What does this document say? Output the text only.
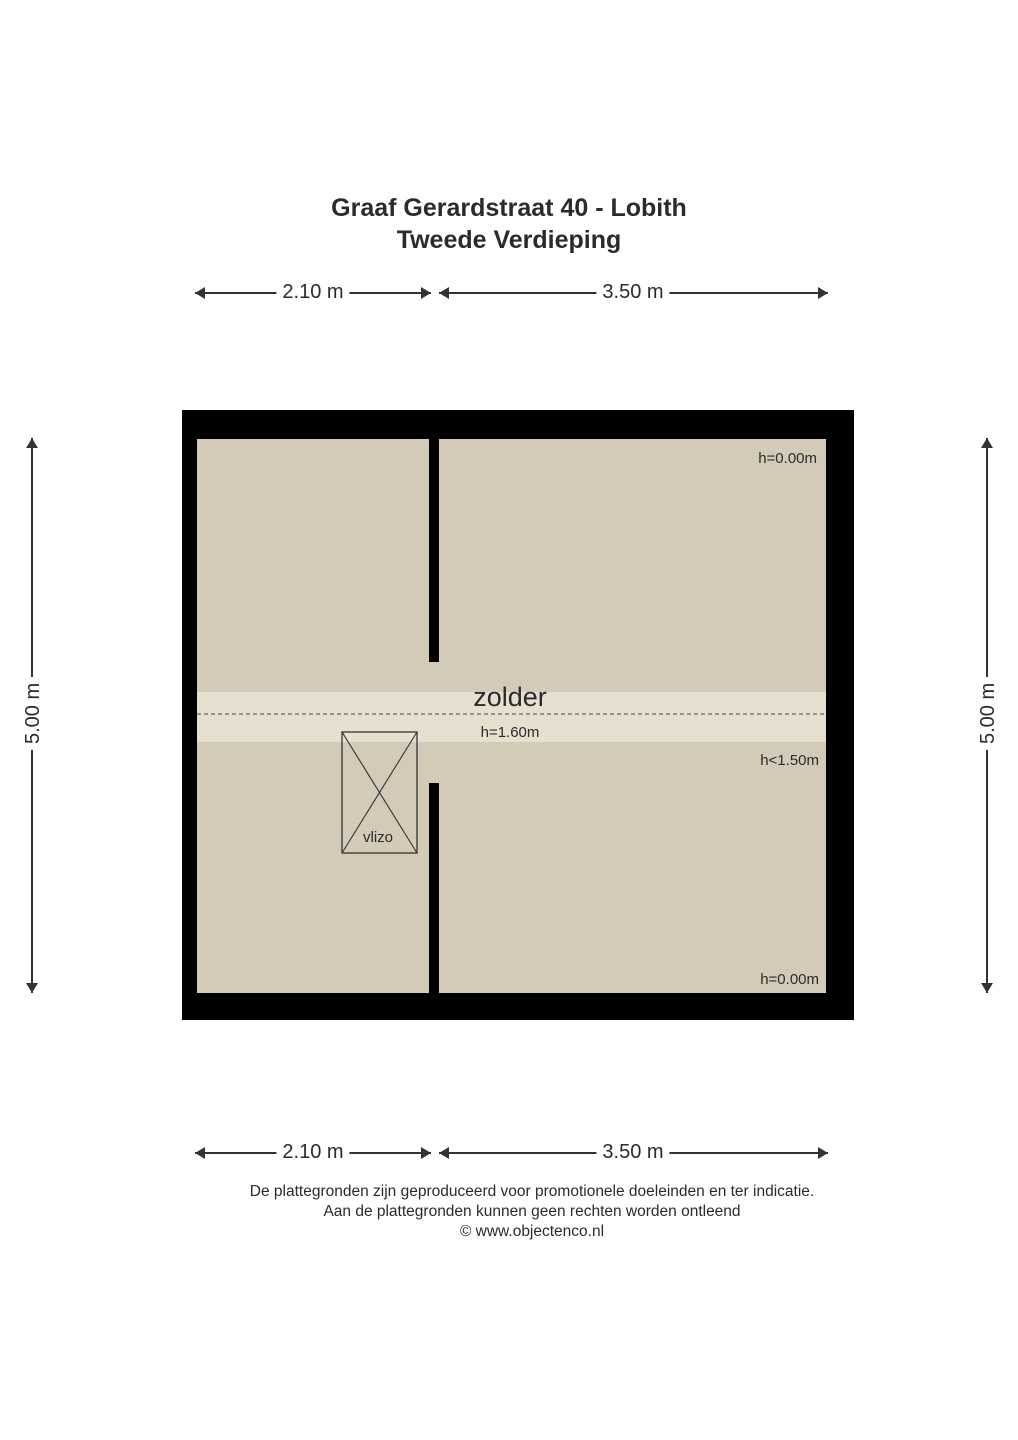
Graaf Gerardstraat 40 - Lobith
Tweede Verdieping
2.10 m	3.50 m
2.10 m	3.50 m
5.00 m	5.00 m
vlizo
zolder
h=1.60m
h=0.00m
h<1.50m
h=0.00m
De plattegronden zijn geproduceerd voor promotionele doeleinden en ter indicatie.
Aan de plattegronden kunnen geen rechten worden ontleend
© www.objectenco.nl
